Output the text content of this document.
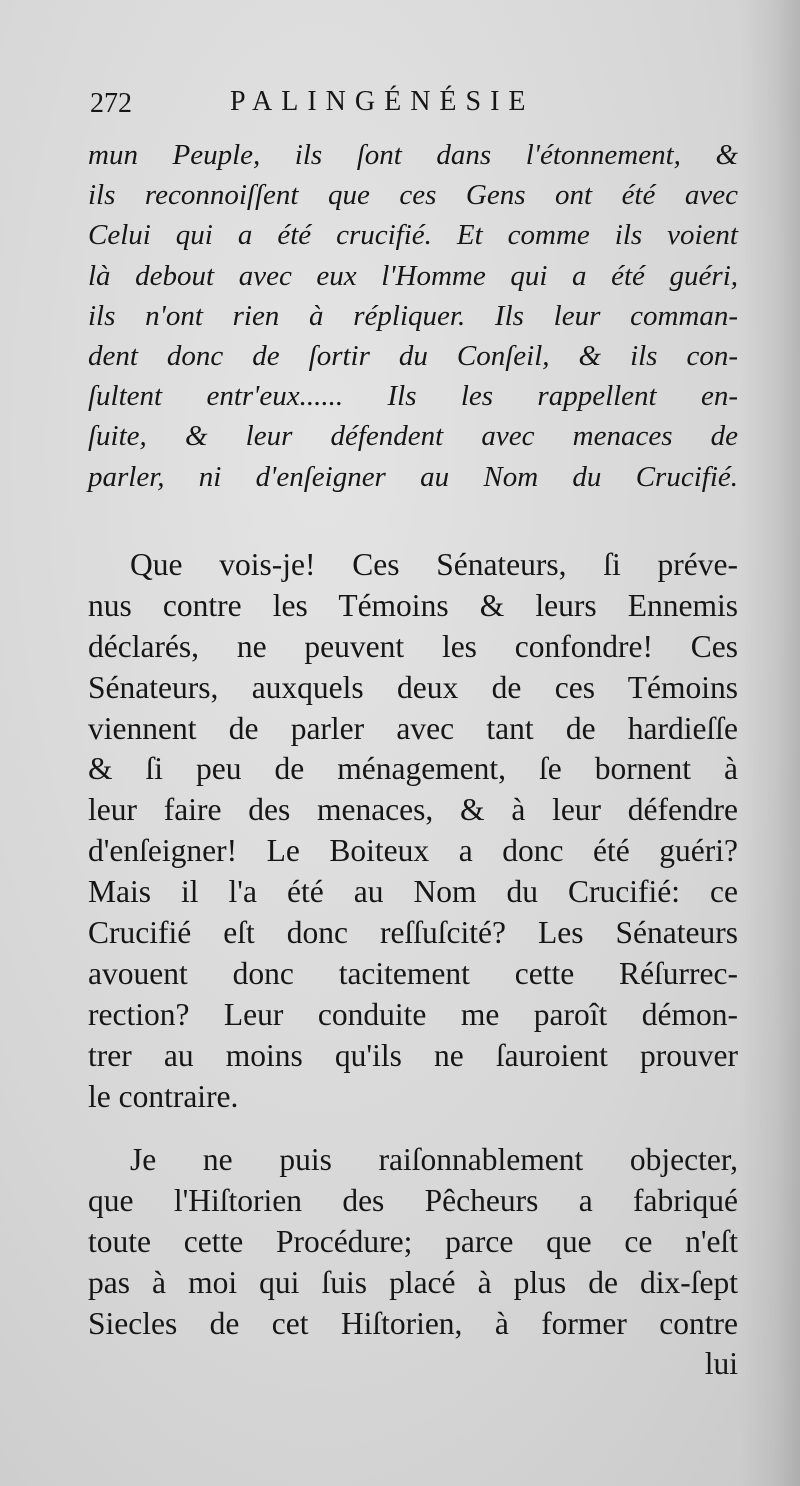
272	PALINGÉNÉSIE
mun Peuple, ils ſont dans l'étonnement, &
ils reconnoiſſent que ces Gens ont été avec
Celui qui a été crucifié. Et comme ils voient
là debout avec eux l'Homme qui a été guéri,
ils n'ont rien à répliquer. Ils leur comman-
dent donc de ſortir du Conſeil, & ils con-
ſultent entr'eux...... Ils les rappellent en-
ſuite, & leur défendent avec menaces de
parler, ni d'enſeigner au Nom du Crucifié.
Que vois-je! Ces Sénateurs, ſi préve-
nus contre les Témoins & leurs Ennemis
déclarés, ne peuvent les confondre! Ces
Sénateurs, auxquels deux de ces Témoins
viennent de parler avec tant de hardieſſe
& ſi peu de ménagement, ſe bornent à
leur faire des menaces, & à leur défendre
d'enſeigner! Le Boiteux a donc été guéri?
Mais il l'a été au Nom du Crucifié: ce
Crucifié eſt donc reſſuſcité? Les Sénateurs
avouent donc tacitement cette Réſurrec-
rection? Leur conduite me paroît démon-
trer au moins qu'ils ne ſauroient prouver
le contraire.
Je ne puis raiſonnablement objecter,
que l'Hiſtorien des Pêcheurs a fabriqué
toute cette Procédure; parce que ce n'eſt
pas à moi qui ſuis placé à plus de dix-ſept
Siecles de cet Hiſtorien, à former contre
lui
